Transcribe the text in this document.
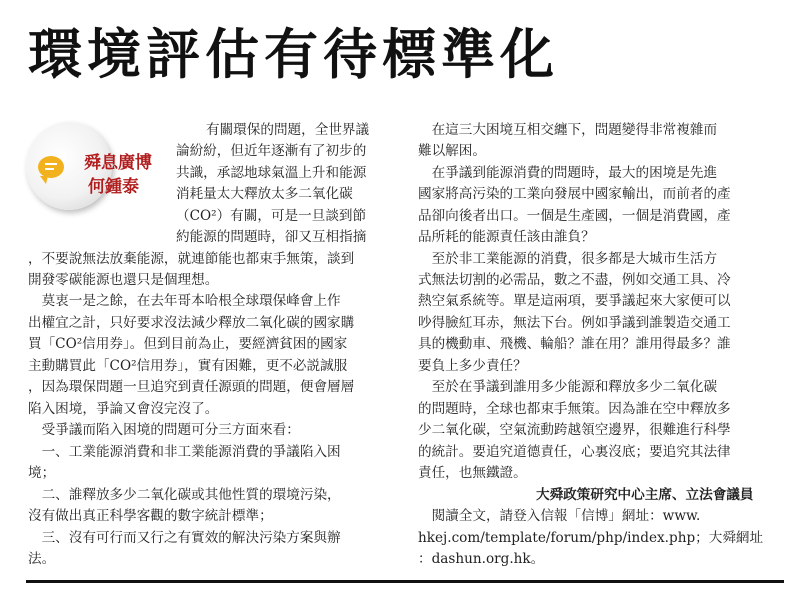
環境評估有待標準化

舜息廣博

何鍾泰

有關環保的問題，全世界議

論紛紛，但近年逐漸有了初步的

共識，承認地球氣溫上升和能源

消耗量太大釋放太多二氧化碳

（CO²）有關，可是一旦談到節

約能源的問題時，卻又互相指摘

，不要說無法放棄能源，就連節能也都束手無策，談到

開發零碳能源也還只是個理想。

　莫衷一是之餘，在去年哥本哈根全球環保峰會上作

出權宜之計，只好要求沒法減少釋放二氧化碳的國家購

買「CO²信用券」。但到目前為止，要經濟貧困的國家

主動購買此「CO²信用券」，實有困難，更不必説誠服

，因為環保問題一旦追究到責任源頭的問題，便會層層

陷入困境，爭論又會沒完沒了。

　受爭議而陷入困境的問題可分三方面來看：

　一、工業能源消費和非工業能源消費的爭議陷入困

境；

　二、誰釋放多少二氧化碳或其他性質的環境污染，

沒有做出真正科學客觀的數字統計標準；

　三、沒有可行而又行之有實效的解決污染方案與辦

法。

　在這三大困境互相交纏下，問題變得非常複雜而

難以解困。

　在爭議到能源消費的問題時，最大的困境是先進

國家將高污染的工業向發展中國家輸出，而前者的產

品卻向後者出口。一個是生產國，一個是消費國，產

品所耗的能源責任該由誰負？

　至於非工業能源的消費，很多都是大城市生活方

式無法切割的必需品，數之不盡，例如交通工具、冷

熱空氣系統等。單是這兩項，要爭議起來大家便可以

吵得臉紅耳赤，無法下台。例如爭議到誰製造交通工

具的機動車、飛機、輪船？誰在用？誰用得最多？誰

要負上多少責任？

　至於在爭議到誰用多少能源和釋放多少二氧化碳

的問題時，全球也都束手無策。因為誰在空中釋放多

少二氧化碳，空氣流動跨越領空邊界，很難進行科學

的統計。要追究道德責任，心裏沒底；要追究其法律

責任，也無鐵證。

大舜政策研究中心主席、立法會議員

　閱讀全文，請登入信報「信博」網址：www.

hkej.com/template/forum/php/index.php；大舜網址

：dashun.org.hk。
